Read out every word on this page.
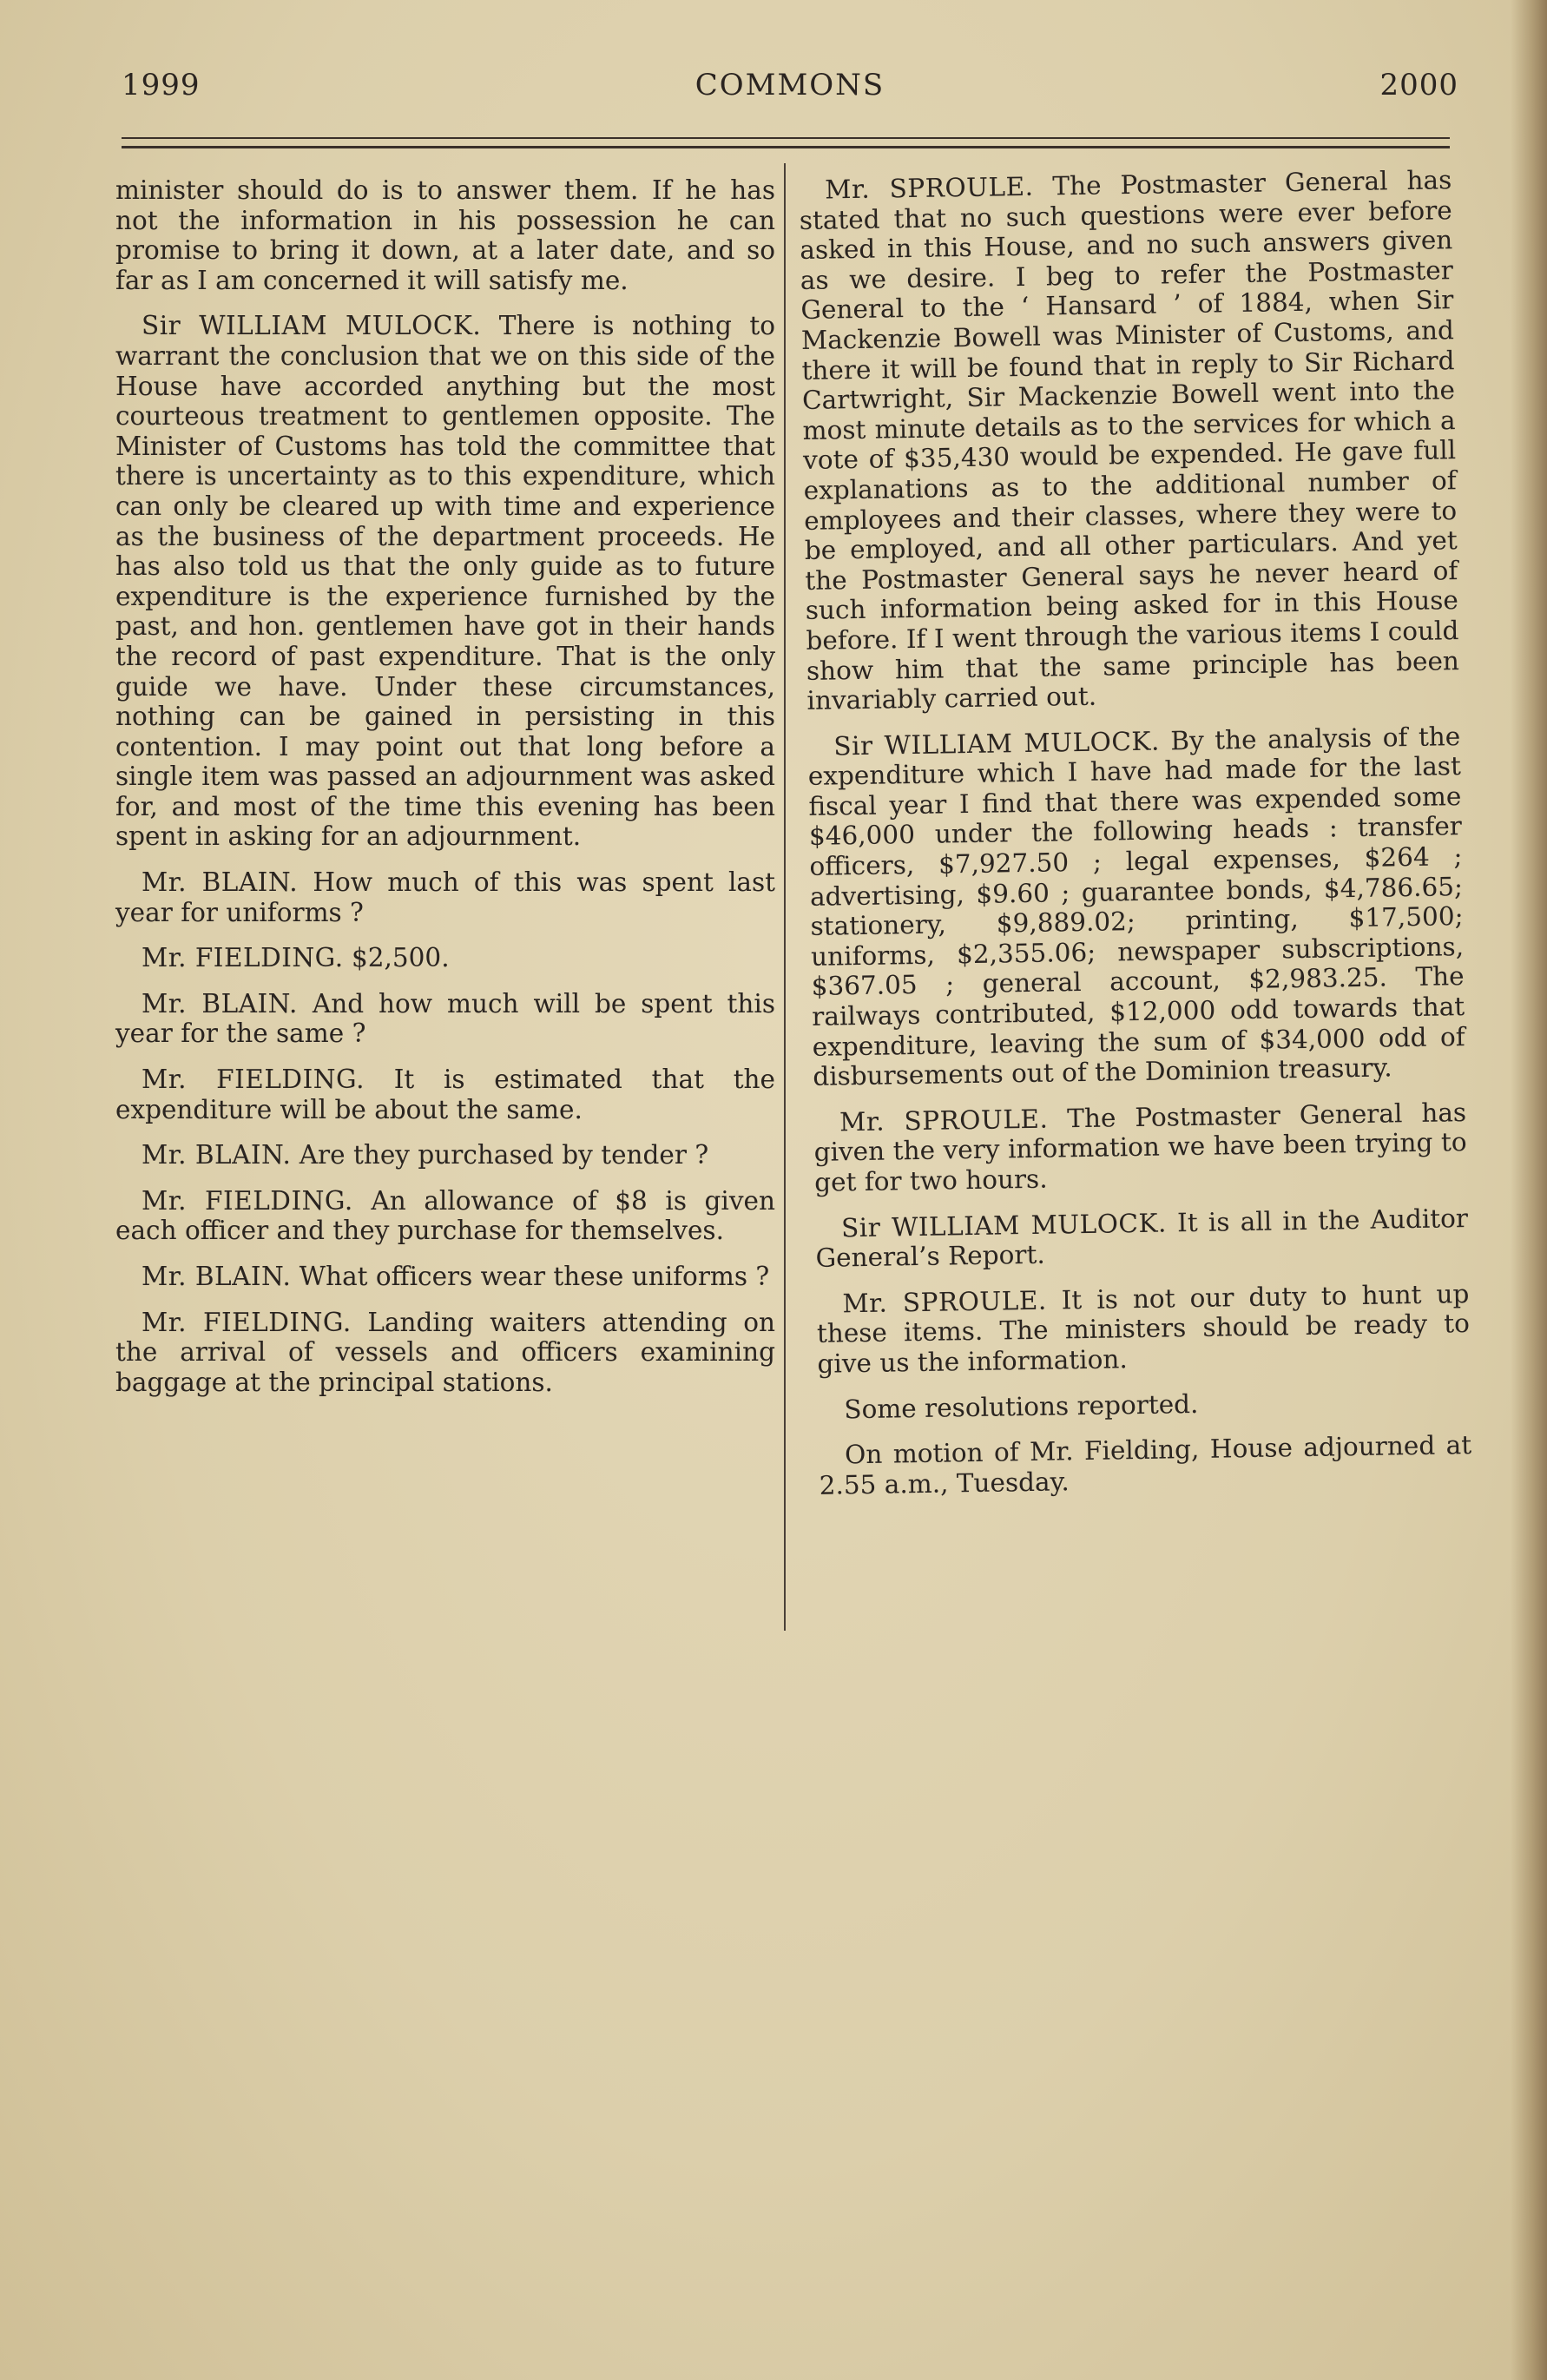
1999	COMMONS	2000

minister should do is to answer them. If he has not the information in his possession he can promise to bring it down, at a later date, and so far as I am concerned it will satisfy me.

Sir WILLIAM MULOCK. There is nothing to warrant the conclusion that we on this side of the House have accorded anything but the most courteous treatment to gentlemen opposite. The Minister of Customs has told the committee that there is uncertainty as to this expenditure, which can only be cleared up with time and experience as the business of the department proceeds. He has also told us that the only guide as to future expenditure is the experience furnished by the past, and hon. gentlemen have got in their hands the record of past expenditure. That is the only guide we have. Under these circumstances, nothing can be gained in persisting in this contention. I may point out that long before a single item was passed an adjournment was asked for, and most of the time this evening has been spent in asking for an adjournment.

Mr. BLAIN. How much of this was spent last year for uniforms ?

Mr. FIELDING. $2,500.

Mr. BLAIN. And how much will be spent this year for the same ?

Mr. FIELDING. It is estimated that the expenditure will be about the same.

Mr. BLAIN. Are they purchased by tender ?

Mr. FIELDING. An allowance of $8 is given each officer and they purchase for themselves.

Mr. BLAIN. What officers wear these uniforms ?

Mr. FIELDING. Landing waiters attending on the arrival of vessels and officers examining baggage at the principal stations.

Mr. SPROULE. The Postmaster General has stated that no such questions were ever before asked in this House, and no such answers given as we desire. I beg to refer the Postmaster General to the ‘ Hansard ’ of 1884, when Sir Mackenzie Bowell was Minister of Customs, and there it will be found that in reply to Sir Richard Cartwright, Sir Mackenzie Bowell went into the most minute details as to the services for which a vote of $35,430 would be expended. He gave full explanations as to the additional number of employees and their classes, where they were to be employed, and all other particulars. And yet the Postmaster General says he never heard of such information being asked for in this House before. If I went through the various items I could show him that the same principle has been invariably carried out.

Sir WILLIAM MULOCK. By the analysis of the expenditure which I have had made for the last fiscal year I find that there was expended some $46,000 under the following heads : transfer officers, $7,927.50 ; legal expenses, $264 ; advertising, $9.60 ; guarantee bonds, $4,786.65; stationery, $9,889.02; printing, $17,500; uniforms, $2,355.06; newspaper subscriptions, $367.05 ; general account, $2,983.25. The railways contributed, $12,000 odd towards that expenditure, leaving the sum of $34,000 odd of disbursements out of the Dominion treasury.

Mr. SPROULE. The Postmaster General has given the very information we have been trying to get for two hours.

Sir WILLIAM MULOCK. It is all in the Auditor General’s Report.

Mr. SPROULE. It is not our duty to hunt up these items. The ministers should be ready to give us the information.

Some resolutions reported.

On motion of Mr. Fielding, House adjourned at 2.55 a.m., Tuesday.
